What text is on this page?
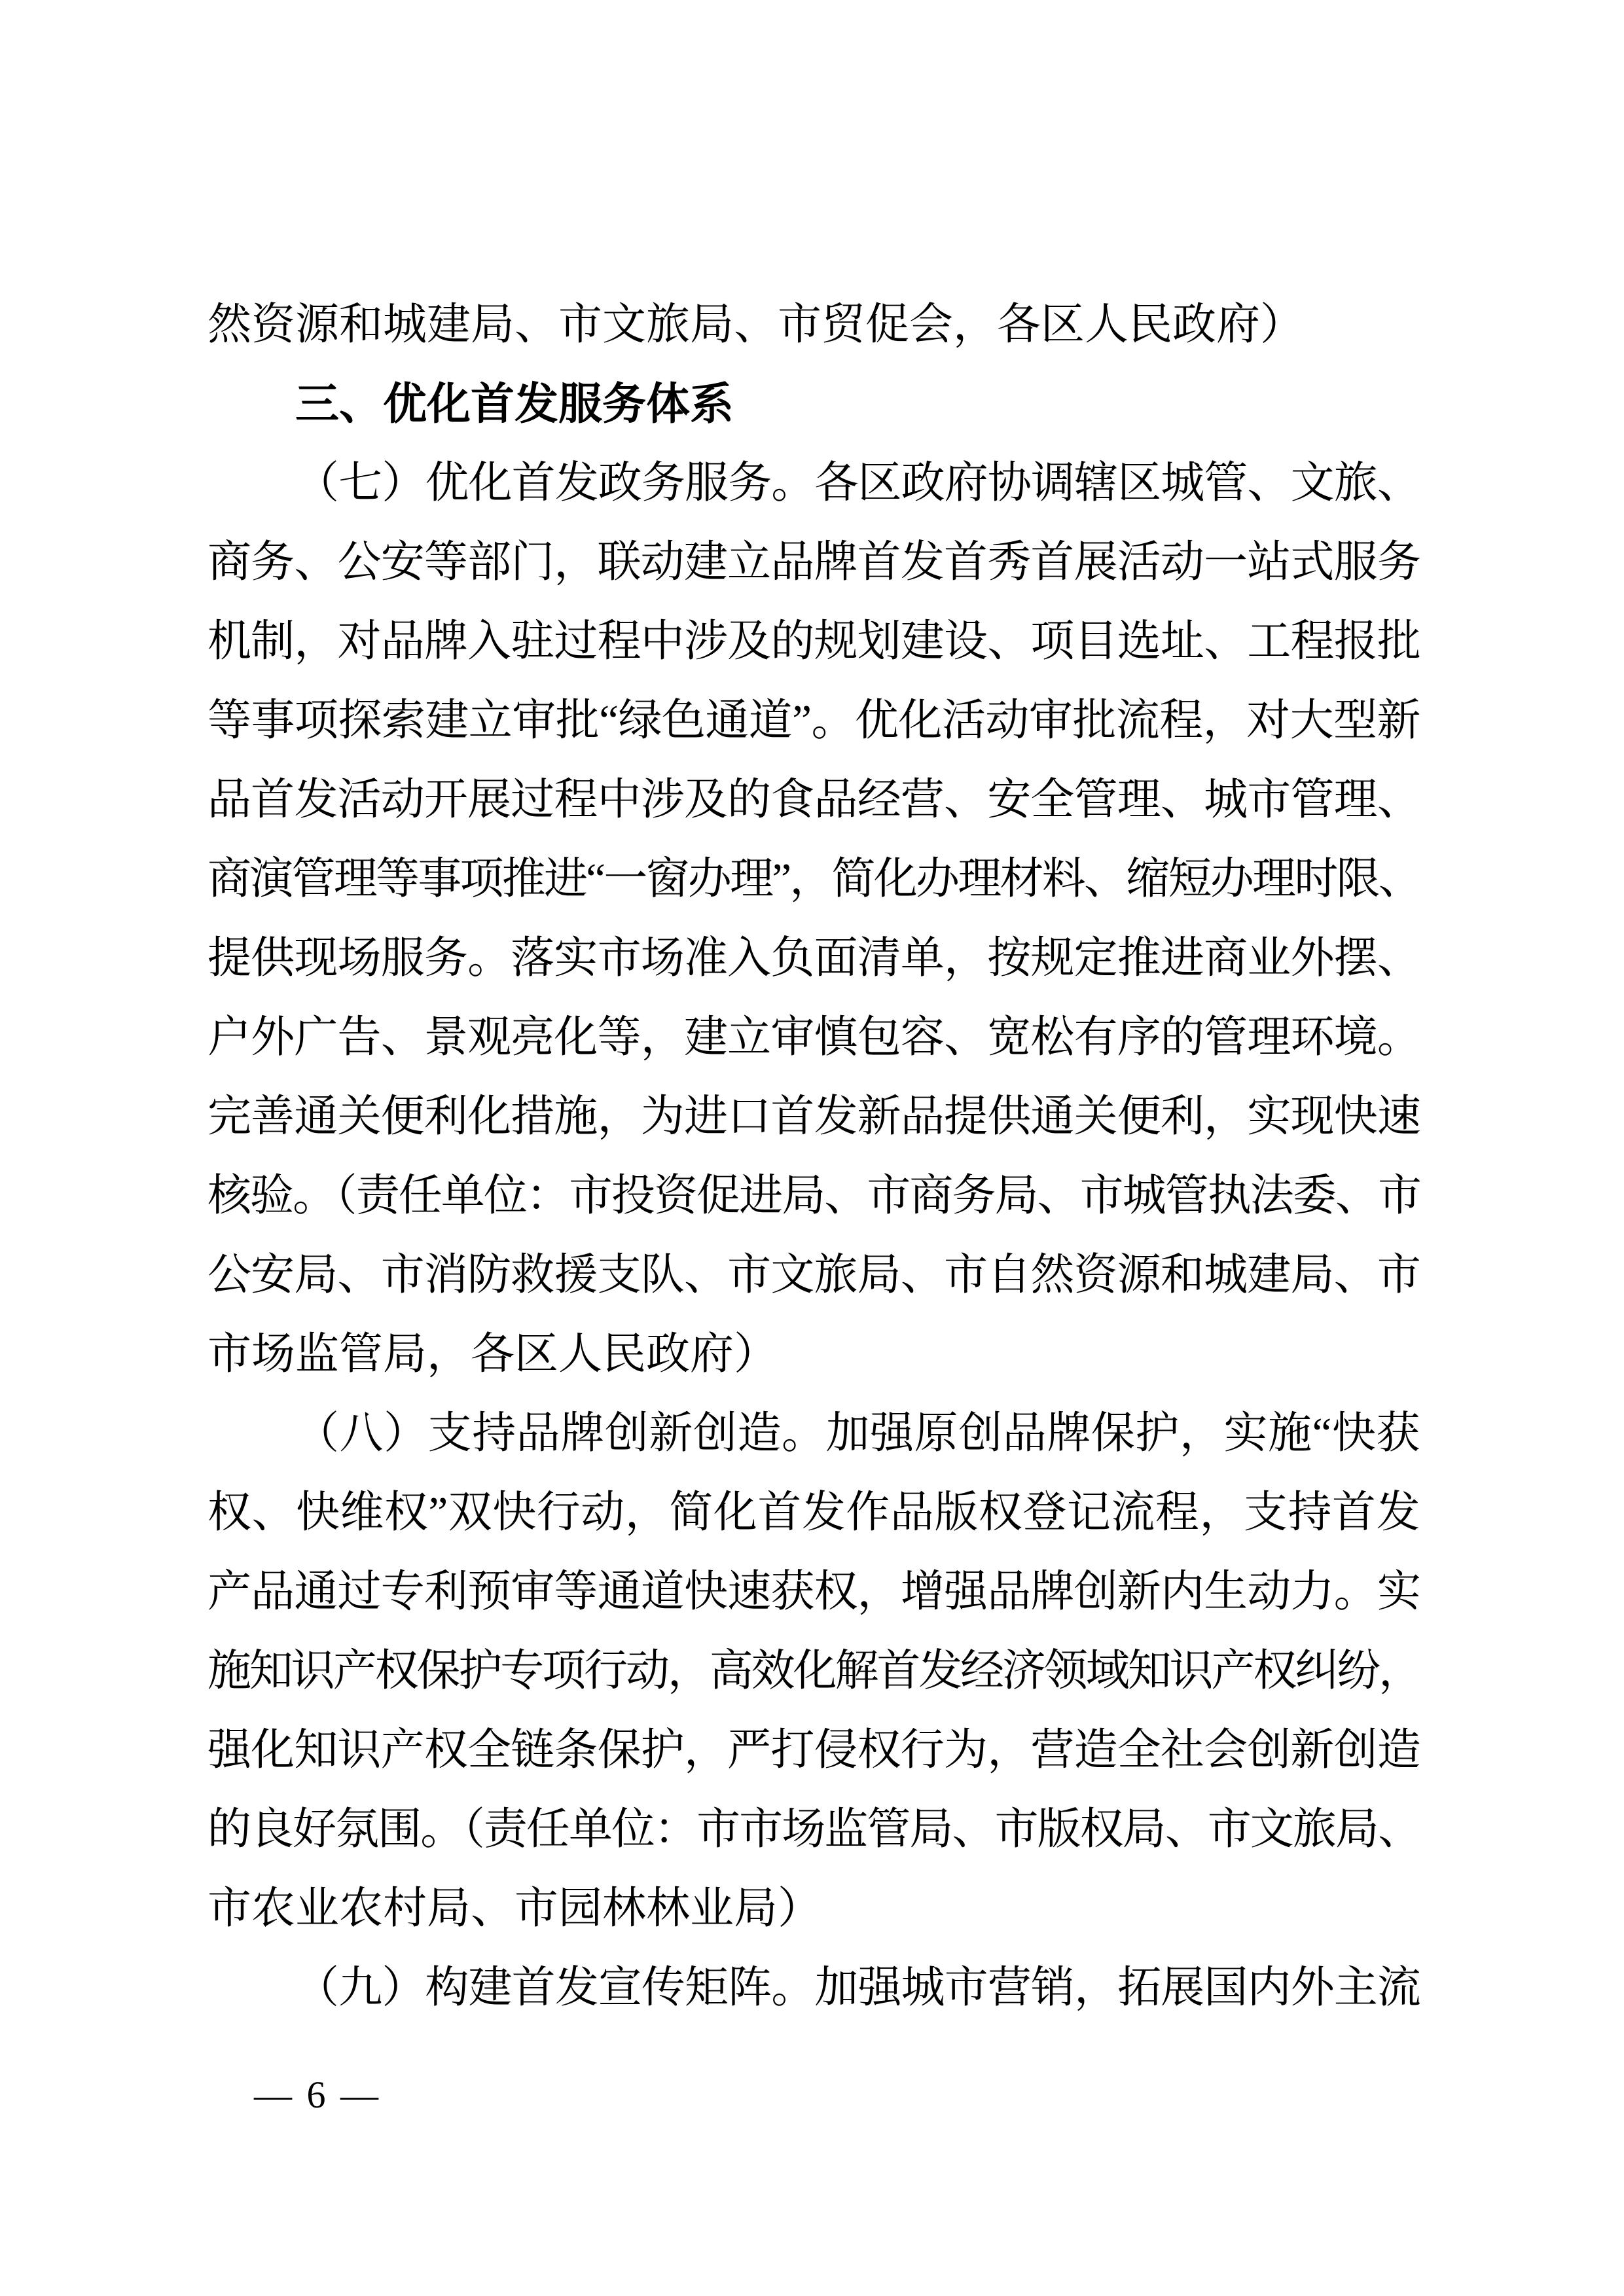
然资源和城建局、市文旅局、市贸促会，各区人民政府）
三、优化首发服务体系
（七）优化首发政务服务。各区政府协调辖区城管、文旅、
商务、公安等部门，联动建立品牌首发首秀首展活动一站式服务
机制，对品牌入驻过程中涉及的规划建设、项目选址、工程报批
等事项探索建立审批“绿色通道”。优化活动审批流程，对大型新
品首发活动开展过程中涉及的食品经营、安全管理、城市管理、
商演管理等事项推进“一窗办理”，简化办理材料、缩短办理时限、
提供现场服务。落实市场准入负面清单，按规定推进商业外摆、
户外广告、景观亮化等，建立审慎包容、宽松有序的管理环境。
完善通关便利化措施，为进口首发新品提供通关便利，实现快速
核验。（责任单位：市投资促进局、市商务局、市城管执法委、市
公安局、市消防救援支队、市文旅局、市自然资源和城建局、市
市场监管局，各区人民政府）
（八）支持品牌创新创造。加强原创品牌保护，实施“快获
权、快维权”双快行动，简化首发作品版权登记流程，支持首发
产品通过专利预审等通道快速获权，增强品牌创新内生动力。实
施知识产权保护专项行动，高效化解首发经济领域知识产权纠纷，
强化知识产权全链条保护，严打侵权行为，营造全社会创新创造
的良好氛围。（责任单位：市市场监管局、市版权局、市文旅局、
市农业农村局、市园林林业局）
（九）构建首发宣传矩阵。加强城市营销，拓展国内外主流
— 6 —
